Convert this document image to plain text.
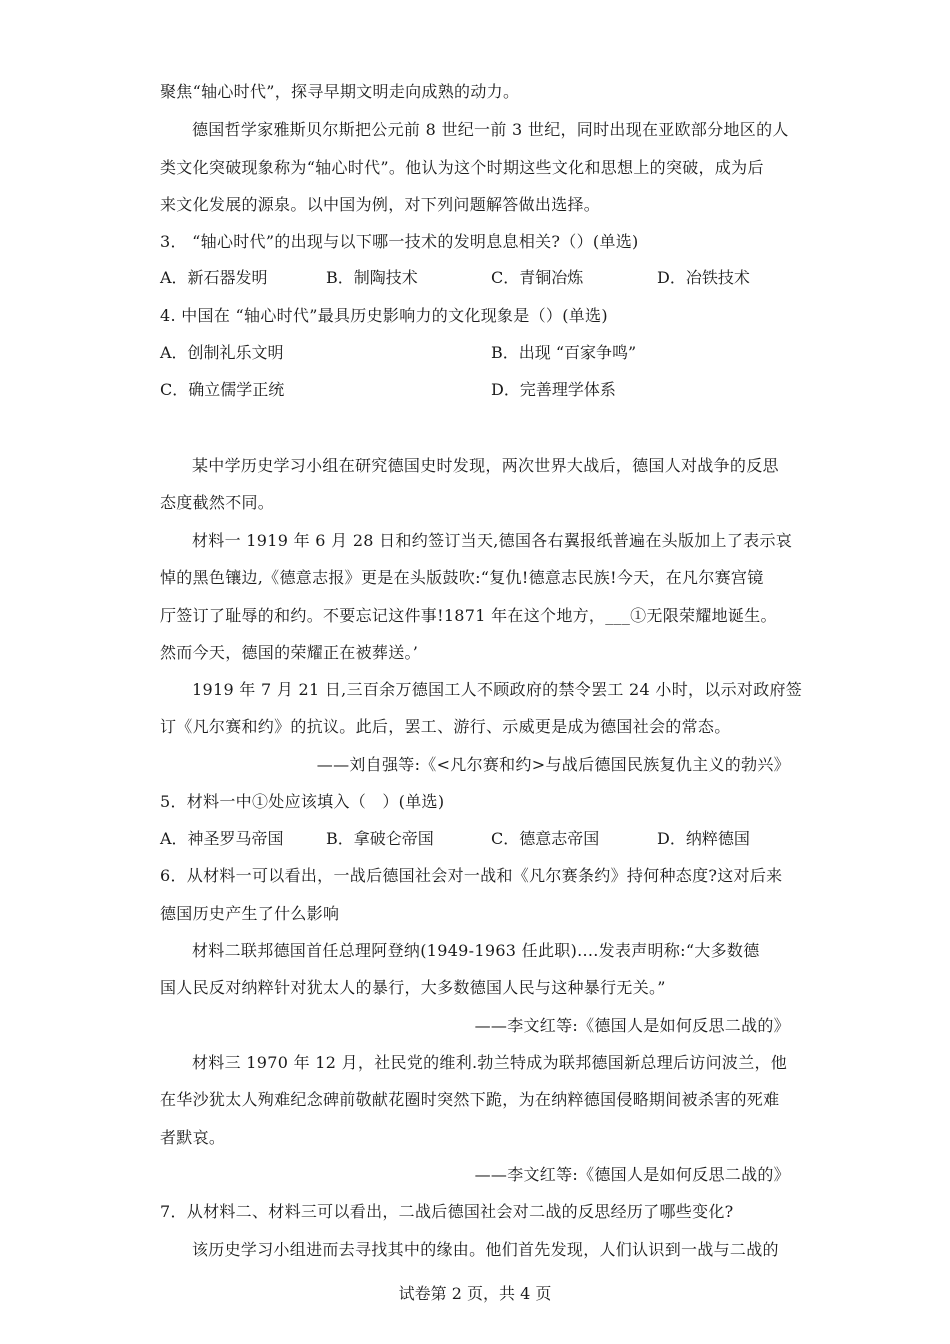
聚焦“轴心时代”，探寻早期文明走向成熟的动力。
德国哲学家雅斯贝尔斯把公元前 8 世纪一前 3 世纪，同时出现在亚欧部分地区的人
类文化突破现象称为“轴心时代”。他认为这个时期这些文化和思想上的突破，成为后
来文化发展的源泉。以中国为例，对下列问题解答做出选择。
3． “轴心时代”的出现与以下哪一技术的发明息息相关?（）(单选)
A．新石器发明	B．制陶技术	C．青铜冶炼	D．冶铁技术
4. 中国在 “轴心时代”最具历史影响力的文化现象是（）(单选)
A．创制礼乐文明	B．出现 “百家争鸣”
C．确立儒学正统	D．完善理学体系
某中学历史学习小组在研究德国史时发现，两次世界大战后，德国人对战争的反思
态度截然不同。
材料一 1919 年 6 月 28 日和约签订当天,德国各右翼报纸普遍在头版加上了表示哀
悼的黑色镶边,《德意志报》更是在头版鼓吹:“复仇!德意志民族!今天，在凡尔赛宫镜
厅签订了耻辱的和约。不要忘记这件事!1871 年在这个地方，___①无限荣耀地诞生。
然而今天，德国的荣耀正在被葬送。’
1919 年 7 月 21 日,三百余万德国工人不顾政府的禁令罢工 24 小时，以示对政府签
订《凡尔赛和约》的抗议。此后，罢工、游行、示威更是成为德国社会的常态。
——刘自强等:《<凡尔赛和约>与战后德国民族复仇主义的勃兴》
5．材料一中①处应该填入（　）(单选)
A．神圣罗马帝国	B．拿破仑帝国	C．德意志帝国	D．纳粹德国
6．从材料一可以看出，一战后德国社会对一战和《凡尔赛条约》持何种态度?这对后来
德国历史产生了什么影响
材料二联邦德国首任总理阿登纳(1949-1963 任此职)....发表声明称:“大多数德
国人民反对纳粹针对犹太人的暴行，大多数德国人民与这种暴行无关。”
——李文红等:《德国人是如何反思二战的》
材料三 1970 年 12 月，社民党的维利.勃兰特成为联邦德国新总理后访问波兰，他
在华沙犹太人殉难纪念碑前敬献花圈时突然下跪，为在纳粹德国侵略期间被杀害的死难
者默哀。
——李文红等:《德国人是如何反思二战的》
7．从材料二、材料三可以看出，二战后德国社会对二战的反思经历了哪些变化?
该历史学习小组进而去寻找其中的缘由。他们首先发现，人们认识到一战与二战的
试卷第 2 页，共 4 页
